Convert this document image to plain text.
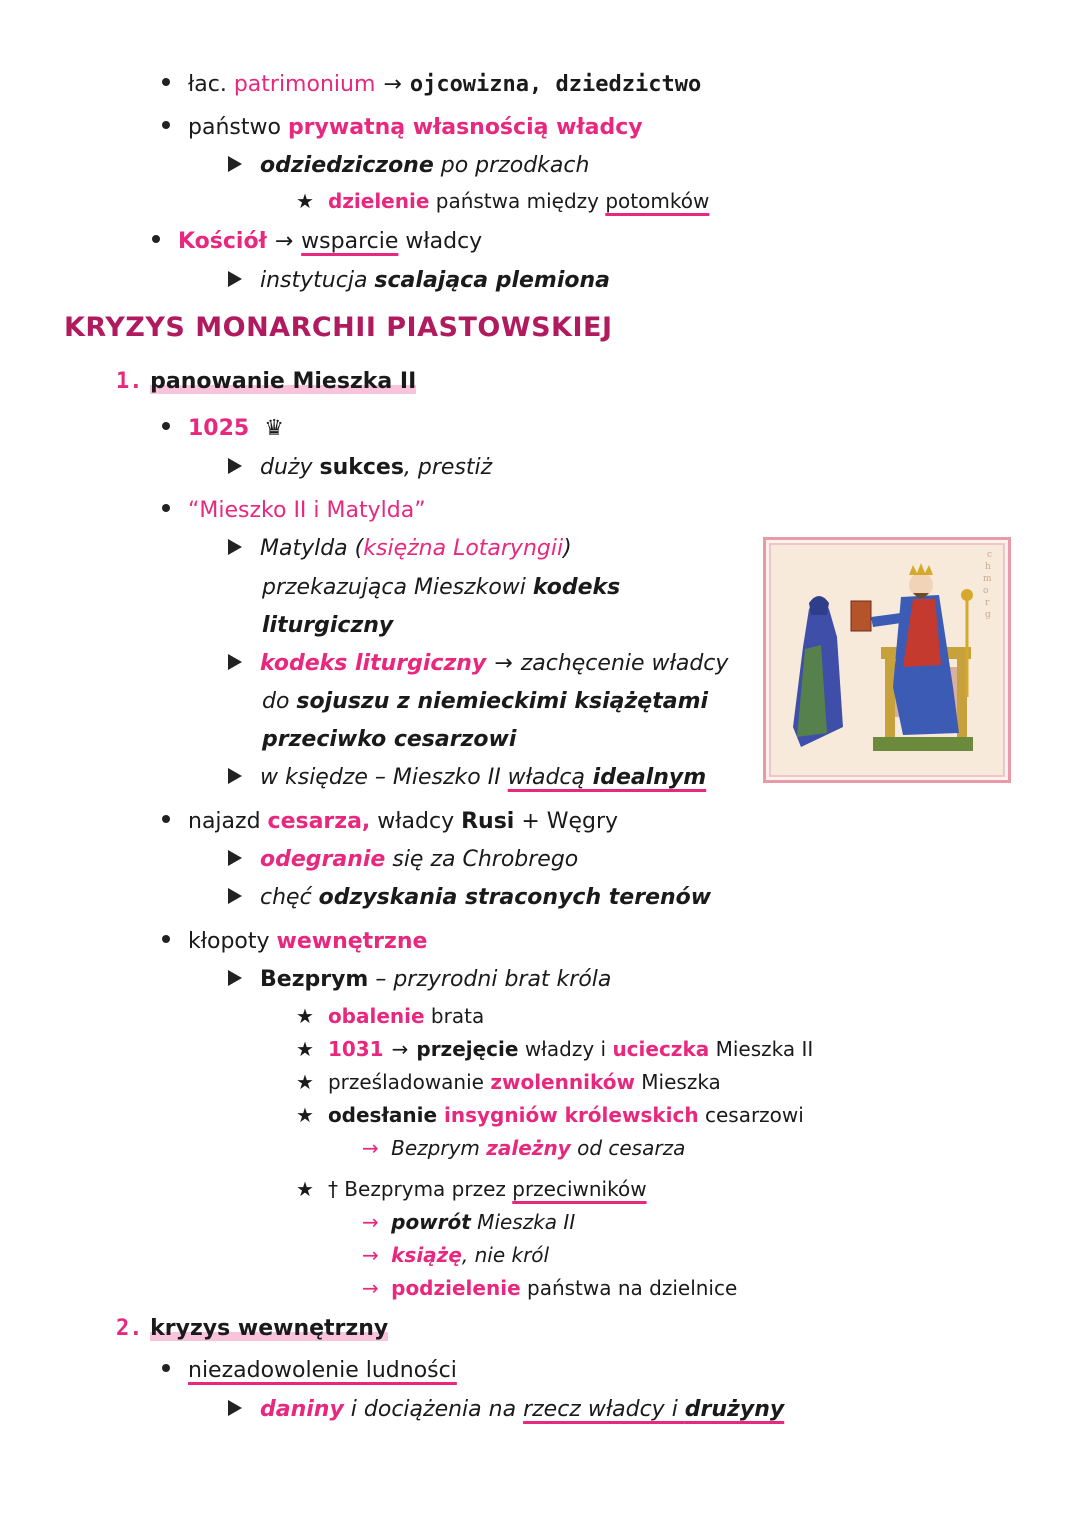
łac. patrimonium → ojcowizna, dziedzictwo
państwo prywatną własnością władcy
odziedziczone po przodkach
★ dzielenie państwa między potomków
Kościół → wsparcie władcy
instytucja scalająca plemiona
KRYZYS MONARCHII PIASTOWSKIEJ
1. panowanie Mieszka II
1025 ♛
duży sukces, prestiż
“Mieszko II i Matylda”
Matylda (księżna Lotaryngii)
przekazująca Mieszkowi kodeks
liturgiczny
kodeks liturgiczny → zachęcenie władcy
do sojuszu z niemieckimi książętami
przeciwko cesarzowi
w księdze – Mieszko II władcą idealnym
c
h
m
o
r
g
najazd cesarza, władcy Rusi + Węgry
odegranie się za Chrobrego
chęć odzyskania straconych terenów
kłopoty wewnętrzne
Bezprym – przyrodni brat króla
★ obalenie brata
★ 1031 → przejęcie władzy i ucieczka Mieszka II
★ prześladowanie zwolenników Mieszka
★ odesłanie insygniów królewskich cesarzowi
→ Bezprym zależny od cesarza
★ † Bezpryma przez przeciwników
→ powrót Mieszka II
→ książę, nie król
→ podzielenie państwa na dzielnice
2. kryzys wewnętrzny
niezadowolenie ludności
daniny i dociążenia na rzecz władcy i drużyny
